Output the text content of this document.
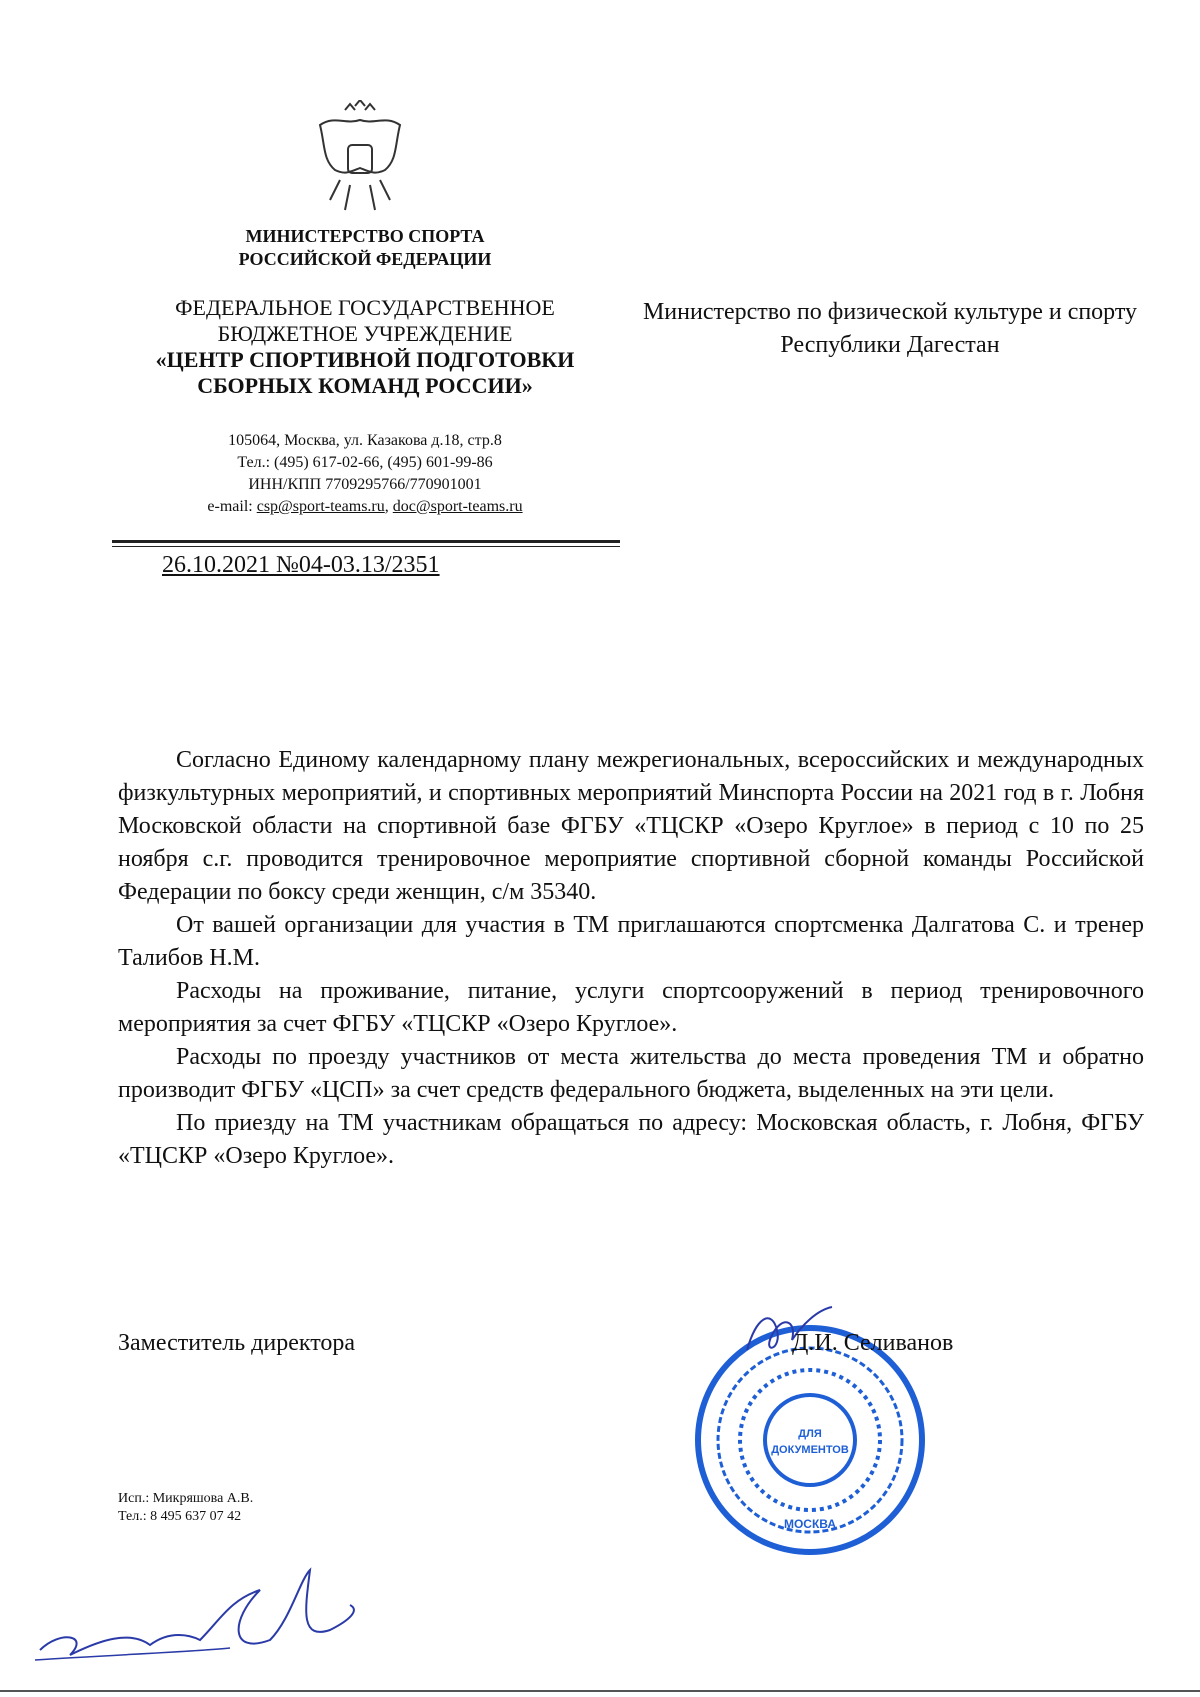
МИНИСТЕРСТВО СПОРТА
РОССИЙСКОЙ ФЕДЕРАЦИИ
ФЕДЕРАЛЬНОЕ ГОСУДАРСТВЕННОЕ
БЮДЖЕТНОЕ УЧРЕЖДЕНИЕ
«ЦЕНТР СПОРТИВНОЙ ПОДГОТОВКИ
СБОРНЫХ КОМАНД РОССИИ»
105064, Москва, ул. Казакова д.18, стр.8
Тел.: (495) 617-02-66, (495) 601-99-86
ИНН/КПП 7709295766/770901001
e-mail: csp@sport-teams.ru, doc@sport-teams.ru
26.10.2021 №04-03.13/2351
Министерство по физической культуре и спорту Республики Дагестан

Согласно Единому календарному плану межрегиональных, всероссийских и международных физкультурных мероприятий, и спортивных мероприятий Минспорта России на 2021 год в г. Лобня Московской области на спортивной базе ФГБУ «ТЦСКР «Озеро Круглое» в период с 10 по 25 ноября с.г. проводится тренировочное мероприятие спортивной сборной команды Российской Федерации по боксу среди женщин, с/м 35340.

От вашей организации для участия в ТМ приглашаются спортсменка Далгатова С. и тренер Талибов Н.М.

Расходы на проживание, питание, услуги спортсооружений в период тренировочного мероприятия за счет ФГБУ «ТЦСКР «Озеро Круглое».

Расходы по проезду участников от места жительства до места проведения ТМ и обратно производит ФГБУ «ЦСП» за счет средств федерального бюджета, выделенных на эти цели.

По приезду на ТМ участникам обращаться по адресу: Московская область, г. Лобня, ФГБУ «ТЦСКР «Озеро Круглое».

Заместитель директора
ДЛЯ
ДОКУМЕНТОВ
МОСКВА
Д.И. Селиванов
Исп.: Микряшова А.В.
Тел.: 8 495 637 07 42
